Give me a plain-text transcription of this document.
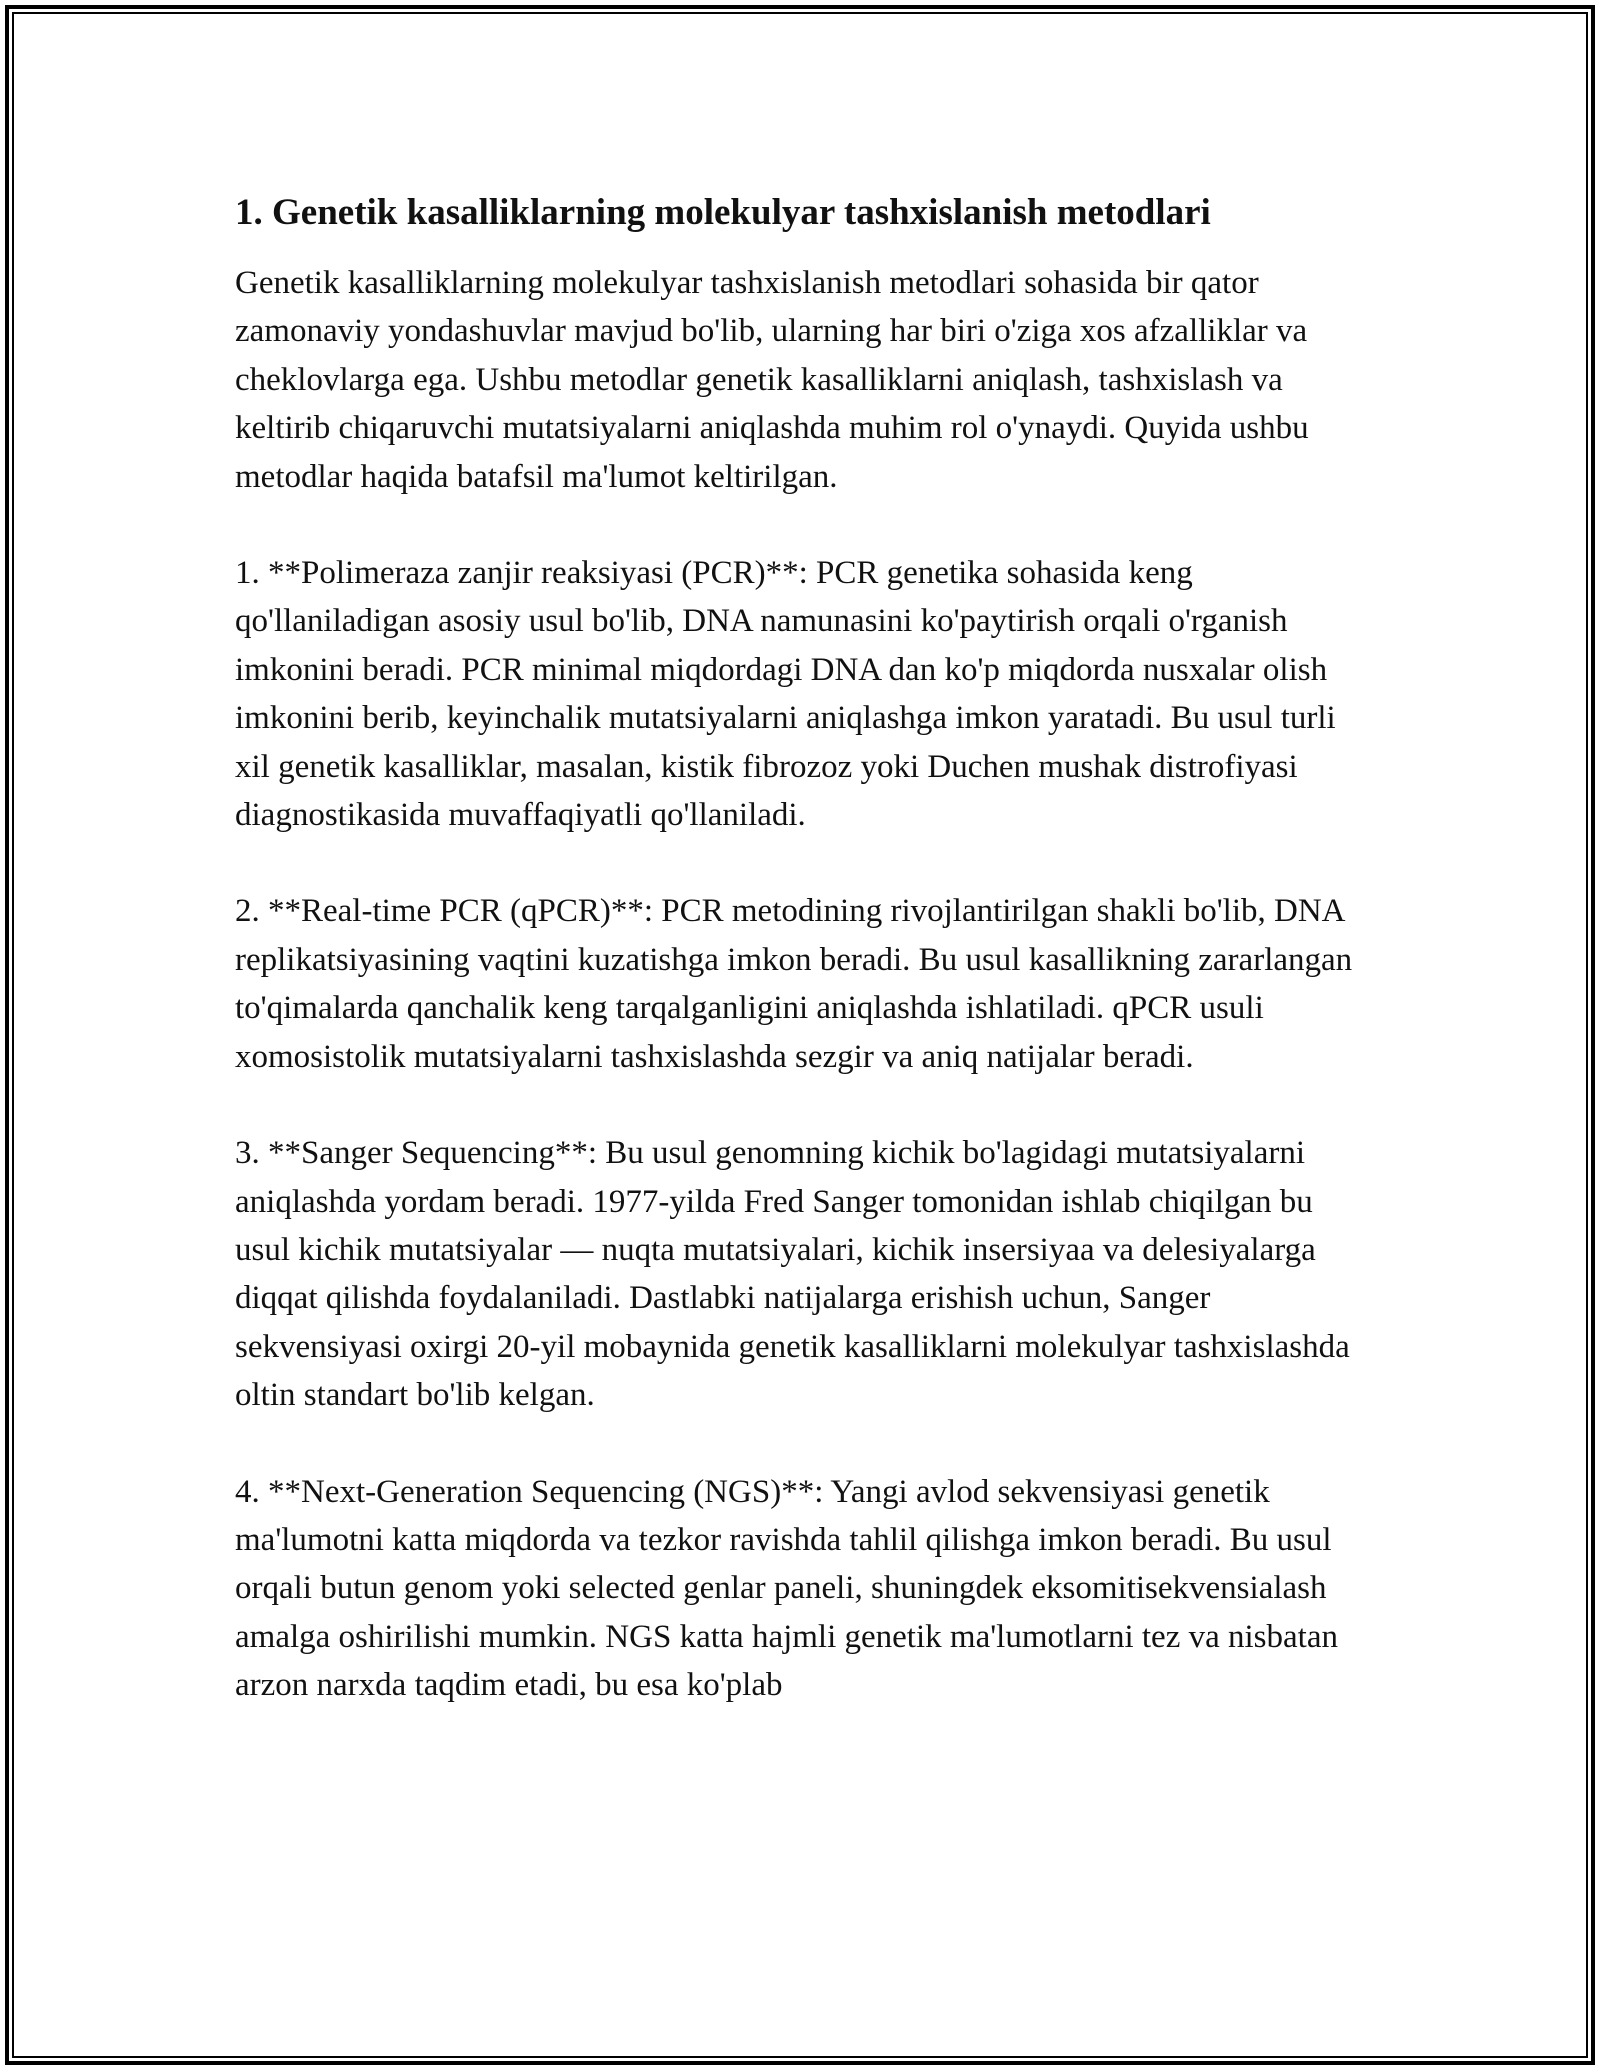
1. Genetik kasalliklarning molekulyar tashxislanish metodlari

Genetik kasalliklarning molekulyar tashxislanish metodlari sohasida bir qator zamonaviy yondashuvlar mavjud bo'lib, ularning har biri o'ziga xos afzalliklar va cheklovlarga ega. Ushbu metodlar genetik kasalliklarni aniqlash, tashxislash va keltirib chiqaruvchi mutatsiyalarni aniqlashda muhim rol o'ynaydi. Quyida ushbu metodlar haqida batafsil ma'lumot keltirilgan.

1. **Polimeraza zanjir reaksiyasi (PCR)**: PCR genetika sohasida keng qo'llaniladigan asosiy usul bo'lib, DNA namunasini ko'paytirish orqali o'rganish imkonini beradi. PCR minimal miqdordagi DNA dan ko'p miqdorda nusxalar olish imkonini berib, keyinchalik mutatsiyalarni aniqlashga imkon yaratadi. Bu usul turli xil genetik kasalliklar, masalan, kistik fibrozoz yoki Duchen mushak distrofiyasi diagnostikasida muvaffaqiyatli qo'llaniladi.

2. **Real-time PCR (qPCR)**: PCR metodining rivojlantirilgan shakli bo'lib, DNA replikatsiyasining vaqtini kuzatishga imkon beradi. Bu usul kasallikning zararlangan to'qimalarda qanchalik keng tarqalganligini aniqlashda ishlatiladi. qPCR usuli xomosistolik mutatsiyalarni tashxislashda sezgir va aniq natijalar beradi.

3. **Sanger Sequencing**: Bu usul genomning kichik bo'lagidagi mutatsiyalarni aniqlashda yordam beradi. 1977-yilda Fred Sanger tomonidan ishlab chiqilgan bu usul kichik mutatsiyalar — nuqta mutatsiyalari, kichik insersiyaa va delesiyalarga diqqat qilishda foydalaniladi. Dastlabki natijalarga erishish uchun, Sanger sekvensiyasi oxirgi 20-yil mobaynida genetik kasalliklarni molekulyar tashxislashda oltin standart bo'lib kelgan.

4. **Next-Generation Sequencing (NGS)**: Yangi avlod sekvensiyasi genetik ma'lumotni katta miqdorda va tezkor ravishda tahlil qilishga imkon beradi. Bu usul orqali butun genom yoki selected genlar paneli, shuningdek eksomitisekvensialash amalga oshirilishi mumkin. NGS katta hajmli genetik ma'lumotlarni tez va nisbatan arzon narxda taqdim etadi, bu esa ko'plab
